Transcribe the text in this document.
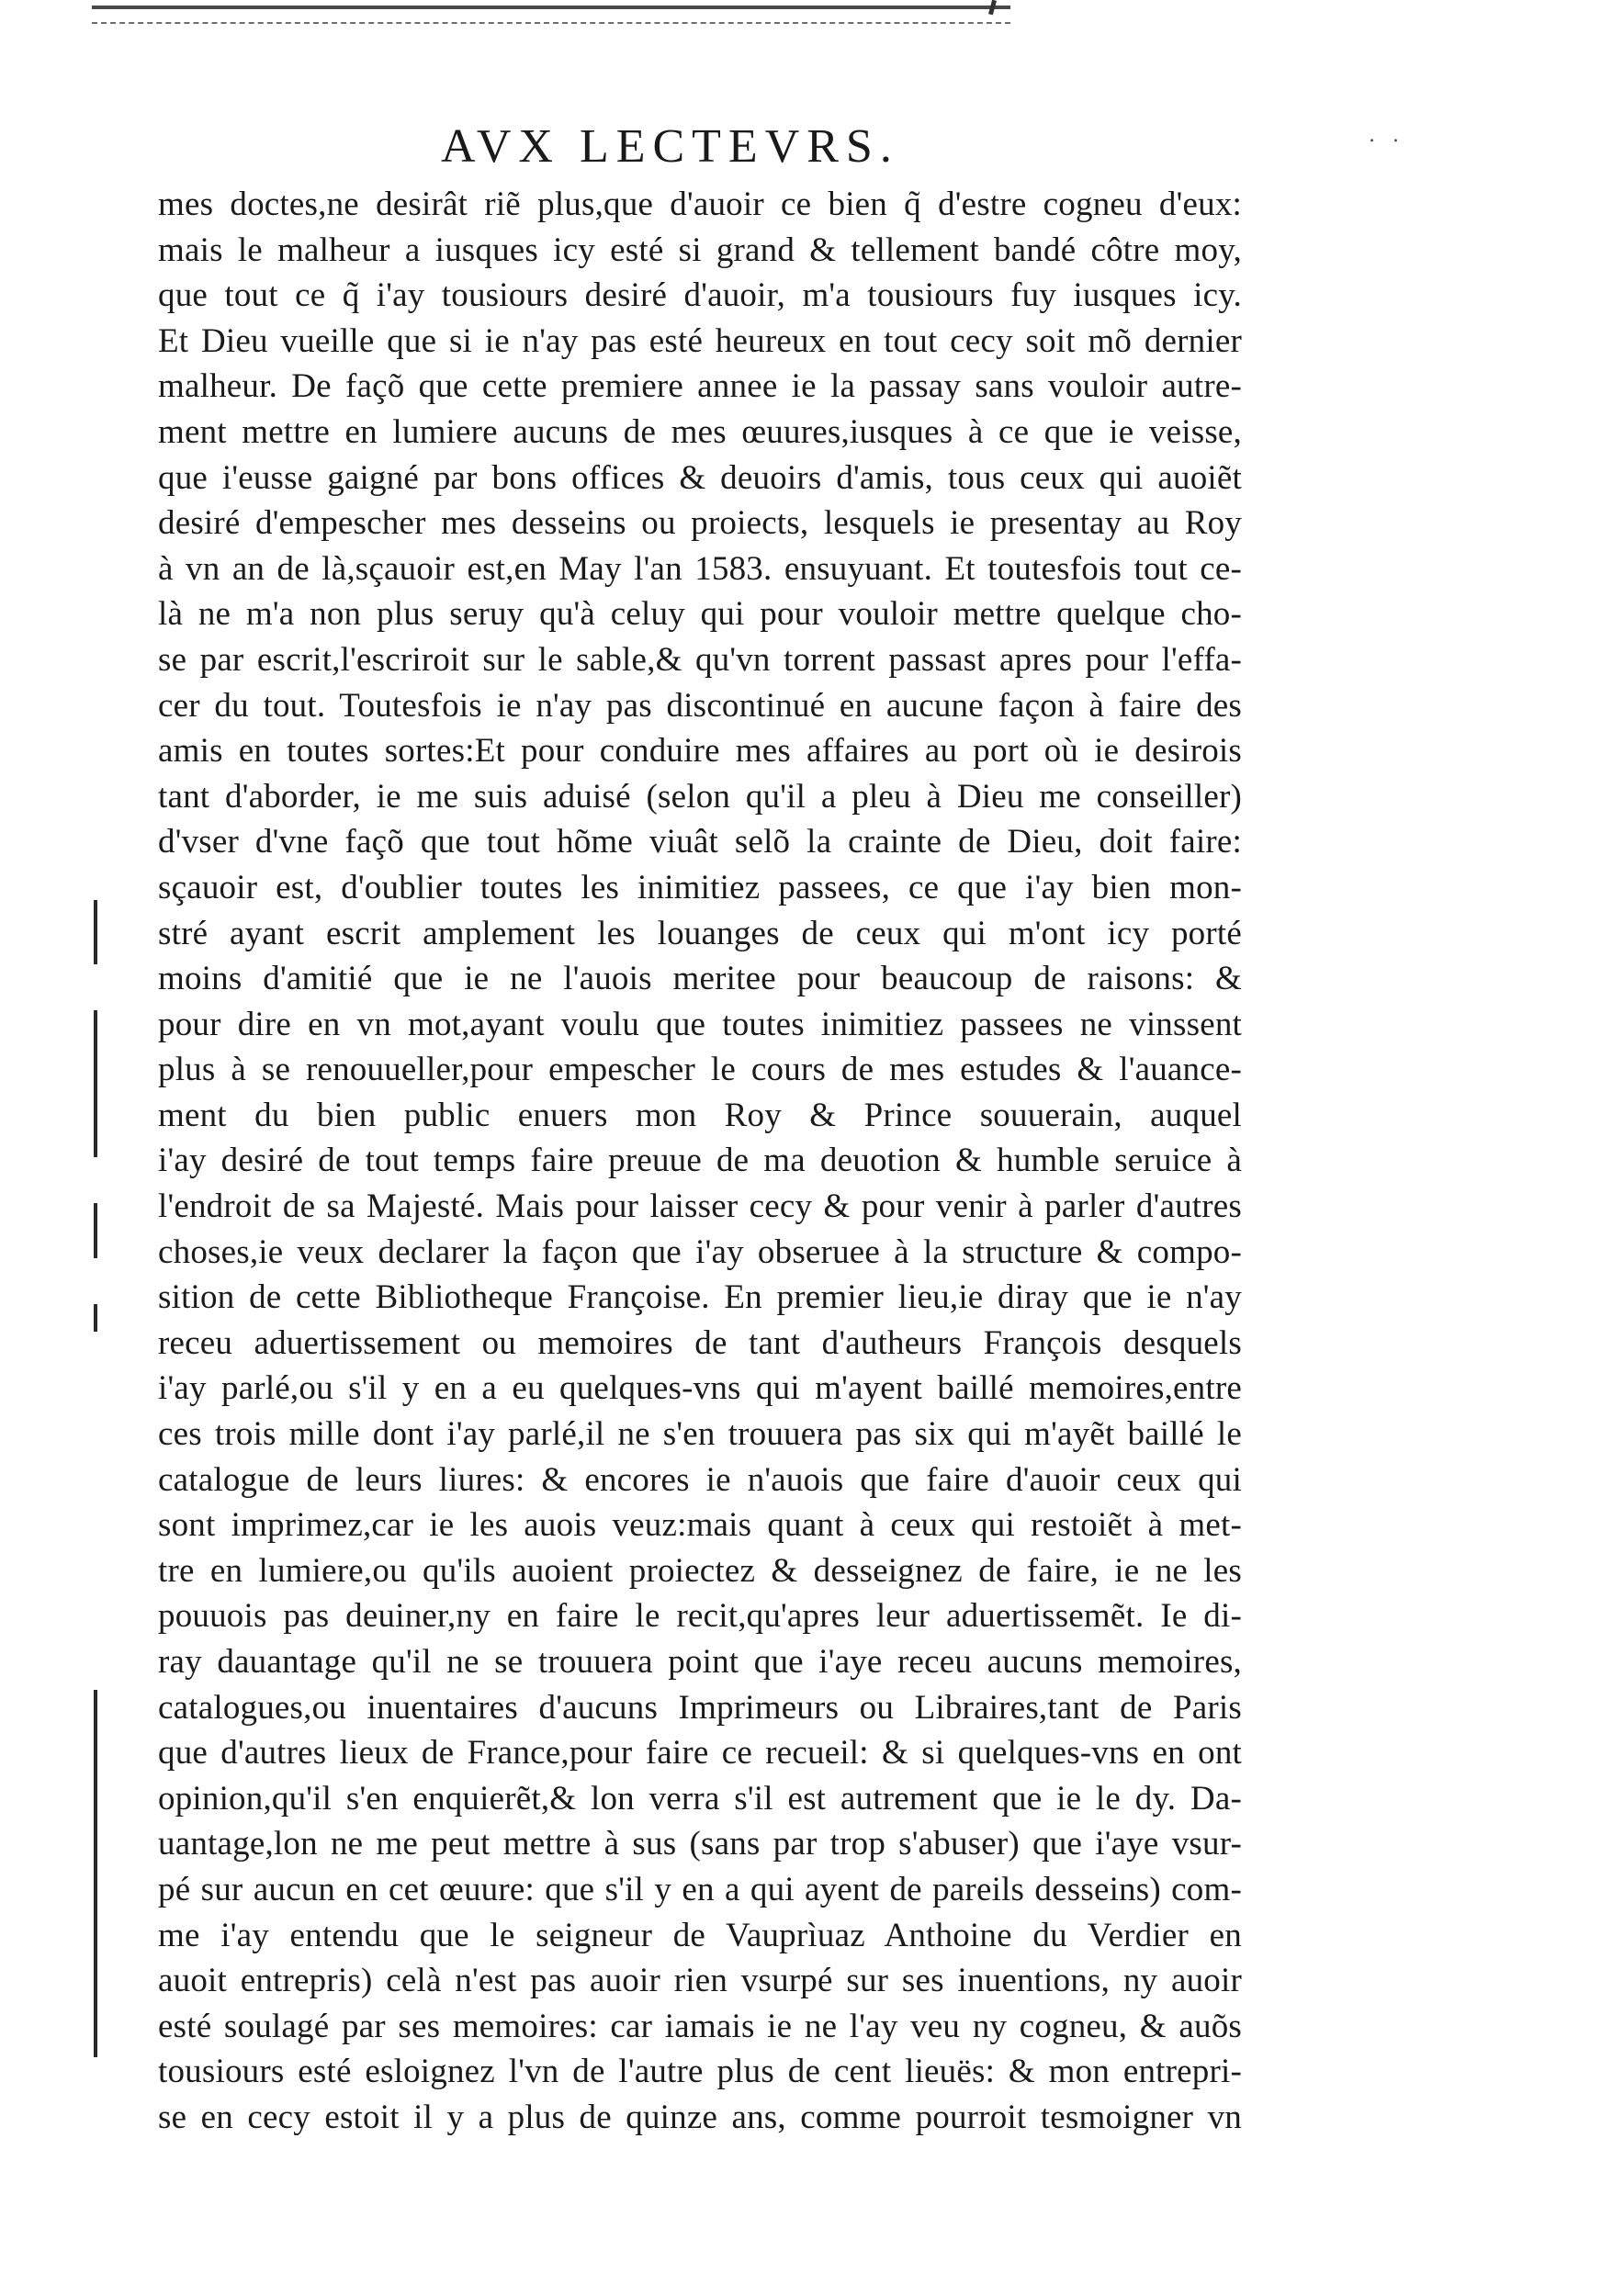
. .
AVX LECTEVRS.
mes doctes,ne desirât riẽ plus,que d'auoir ce bien q̃ d'estre cogneu d'eux:
mais le malheur a iusques icy esté si grand & tellement bandé côtre moy,
que tout ce q̃ i'ay tousiours desiré d'auoir, m'a tousiours fuy iusques icy.
Et Dieu vueille que si ie n'ay pas esté heureux en tout cecy soit mõ dernier
malheur. De façõ que cette premiere annee ie la passay sans vouloir autre-
ment mettre en lumiere aucuns de mes œuures,iusques à ce que ie veisse,
que i'eusse gaigné par bons offices & deuoirs d'amis, tous ceux qui auoiẽt
desiré d'empescher mes desseins ou proiects, lesquels ie presentay au Roy
à vn an de là,sçauoir est,en May l'an 1583. ensuyuant. Et toutesfois tout ce-
là ne m'a non plus seruy qu'à celuy qui pour vouloir mettre quelque cho-
se par escrit,l'escriroit sur le sable,& qu'vn torrent passast apres pour l'effa-
cer du tout. Toutesfois ie n'ay pas discontinué en aucune façon à faire des
amis en toutes sortes:Et pour conduire mes affaires au port où ie desirois
tant d'aborder, ie me suis aduisé (selon qu'il a pleu à Dieu me conseiller)
d'vser d'vne façõ que tout hõme viuât selõ la crainte de Dieu, doit faire:
sçauoir est, d'oublier toutes les inimitiez passees, ce que i'ay bien mon-
stré ayant escrit amplement les louanges de ceux qui m'ont icy porté
moins d'amitié que ie ne l'auois meritee pour beaucoup de raisons: &
pour dire en vn mot,ayant voulu que toutes inimitiez passees ne vinssent
plus à se renouueller,pour empescher le cours de mes estudes & l'auance-
ment du bien public enuers mon Roy & Prince souuerain, auquel
i'ay desiré de tout temps faire preuue de ma deuotion & humble seruice à
l'endroit de sa Majesté. Mais pour laisser cecy & pour venir à parler d'autres
choses,ie veux declarer la façon que i'ay obseruee à la structure & compo-
sition de cette Bibliotheque Françoise. En premier lieu,ie diray que ie n'ay
receu aduertissement ou memoires de tant d'autheurs François desquels
i'ay parlé,ou s'il y en a eu quelques-vns qui m'ayent baillé memoires,entre
ces trois mille dont i'ay parlé,il ne s'en trouuera pas six qui m'ayẽt baillé le
catalogue de leurs liures: & encores ie n'auois que faire d'auoir ceux qui
sont imprimez,car ie les auois veuz:mais quant à ceux qui restoiẽt à met-
tre en lumiere,ou qu'ils auoient proiectez & desseignez de faire, ie ne les
pouuois pas deuiner,ny en faire le recit,qu'apres leur aduertissemẽt. Ie di-
ray dauantage qu'il ne se trouuera point que i'aye receu aucuns memoires,
catalogues,ou inuentaires d'aucuns Imprimeurs ou Libraires,tant de Paris
que d'autres lieux de France,pour faire ce recueil: & si quelques-vns en ont
opinion,qu'il s'en enquierẽt,& lon verra s'il est autrement que ie le dy. Da-
uantage,lon ne me peut mettre à sus (sans par trop s'abuser) que i'aye vsur-
pé sur aucun en cet œuure: que s'il y en a qui ayent de pareils desseins) com-
me i'ay entendu que le seigneur de Vauprìuaz Anthoine du Verdier en
auoit entrepris) celà n'est pas auoir rien vsurpé sur ses inuentions, ny auoir
esté soulagé par ses memoires: car iamais ie ne l'ay veu ny cogneu, & auõs
tousiours esté esloignez l'vn de l'autre plus de cent lieuës: & mon entrepri-
se en cecy estoit il y a plus de quinze ans, comme pourroit tesmoigner vn
